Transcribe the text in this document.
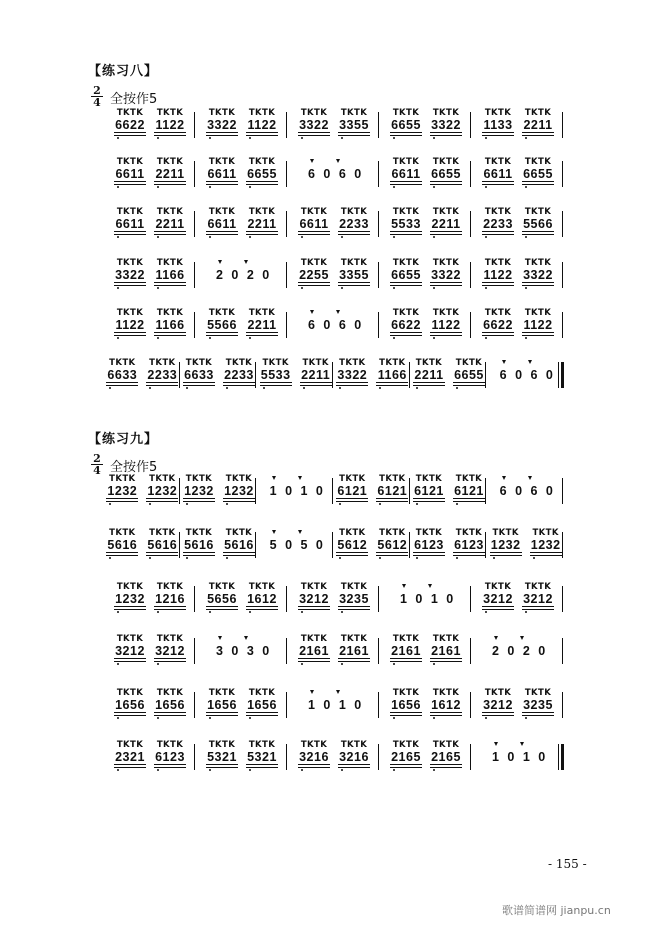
【练习八】
2
4 全按作5
TKTK
6622
TKTK
1122
TKTK
3322
TKTK
1122
TKTK
3322
TKTK
3355
TKTK
6655
TKTK
3322
TKTK
1133
TKTK
2211
TKTK
6611
TKTK
2211
TKTK
6611
TKTK
6655 6 0 6 0
TKTK
6611
TKTK
6655
TKTK
6611
TKTK
6655
TKTK
6611
TKTK
2211
TKTK
6611
TKTK
2211
TKTK
6611
TKTK
2233
TKTK
5533
TKTK
2211
TKTK
2233
TKTK
5566
TKTK
3322
TKTK
1166	2 0 2 0
TKTK
2255
TKTK
3355
TKTK
6655
TKTK
3322
TKTK
1122
TKTK
3322
TKTK
1122
TKTK
1166
TKTK
5566
TKTK
2211	6 0 6 0
TKTK
6622
TKTK
1122
TKTK
6622
TKTK
1122
TKTK
6633
TKTK
2233
TKTK
6633
TKTK
2233
TKTK
5533
TKTK
2211
TKTK
3322
TKTK
1166
TKTK
2211
TKTK
6655 6 0 6 0
【练习九】
2
4 全按作5
TKTK
1232
TKTK
1232
TKTK
1232
TKTK
1232 1 0 1 0
TKTK
6121
TKTK
6121
TKTK
6121
TKTK
6121 6 0 6 0
TKTK
5616
TKTK
5616
TKTK
5616
TKTK
5616 5 0 5 0
TKTK
5612
TKTK
5612
TKTK
6123
TKTK
6123
TKTK
1232
TKTK
1232
TKTK
1232
TKTK
1216
TKTK
5656
TKTK
1612
TKTK
3212
TKTK
3235 1 0 1 0
TKTK
3212
TKTK
3212
TKTK
3212
TKTK
3212 3 0 3 0
TKTK
2161
TKTK
2161
TKTK
2161
TKTK
2161 2 0 2 0
TKTK
1656
TKTK
1656
TKTK
1656
TKTK
1656 1 0 1 0
TKTK
1656
TKTK
1612
TKTK
3212
TKTK
3235
TKTK
2321
TKTK
6123
TKTK
5321
TKTK
5321
TKTK
3216
TKTK
3216
TKTK
2165
TKTK
2165 1 0 1 0
- 155 -
歌谱简谱网 jianpu.cn
